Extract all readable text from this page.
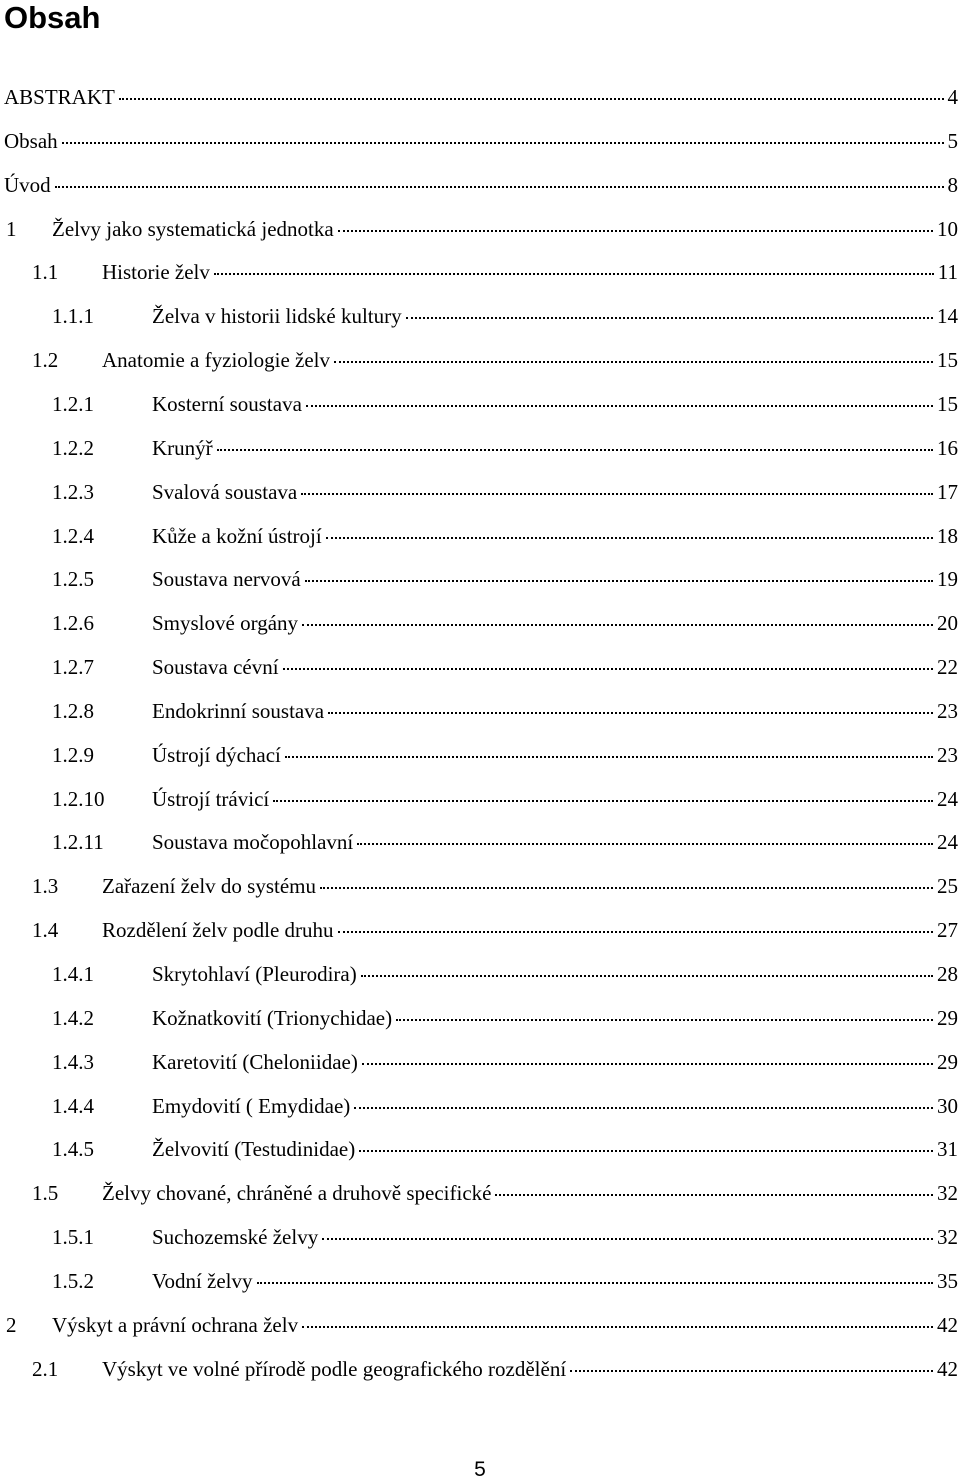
Obsah
ABSTRAKT	4
Obsah	5
Úvod	8
1	Želvy jako systematická jednotka	10
1.1	Historie želv	11
1.1.1	Želva v historii lidské kultury	14
1.2	Anatomie a fyziologie želv	15
1.2.1	Kosterní soustava	15
1.2.2	Krunýř	16
1.2.3	Svalová soustava	17
1.2.4	Kůže a kožní ústrojí	18
1.2.5	Soustava nervová	19
1.2.6	Smyslové orgány	20
1.2.7	Soustava cévní	22
1.2.8	Endokrinní soustava	23
1.2.9	Ústrojí dýchací	23
1.2.10	Ústrojí trávicí	24
1.2.11	Soustava močopohlavní	24
1.3	Zařazení želv do systému	25
1.4	Rozdělení želv podle druhu	27
1.4.1	Skrytohlaví (Pleurodira)	28
1.4.2	Kožnatkovití (Trionychidae)	29
1.4.3	Karetovití (Cheloniidae)	29
1.4.4	Emydovití ( Emydidae)	30
1.4.5	Želvovití (Testudinidae)	31
1.5	Želvy chované, chráněné a druhově specifické	32
1.5.1	Suchozemské želvy	32
1.5.2	Vodní želvy	35
2	Výskyt a právní ochrana želv	42
2.1	Výskyt ve volné přírodě podle geografického rozdělění	42
5
